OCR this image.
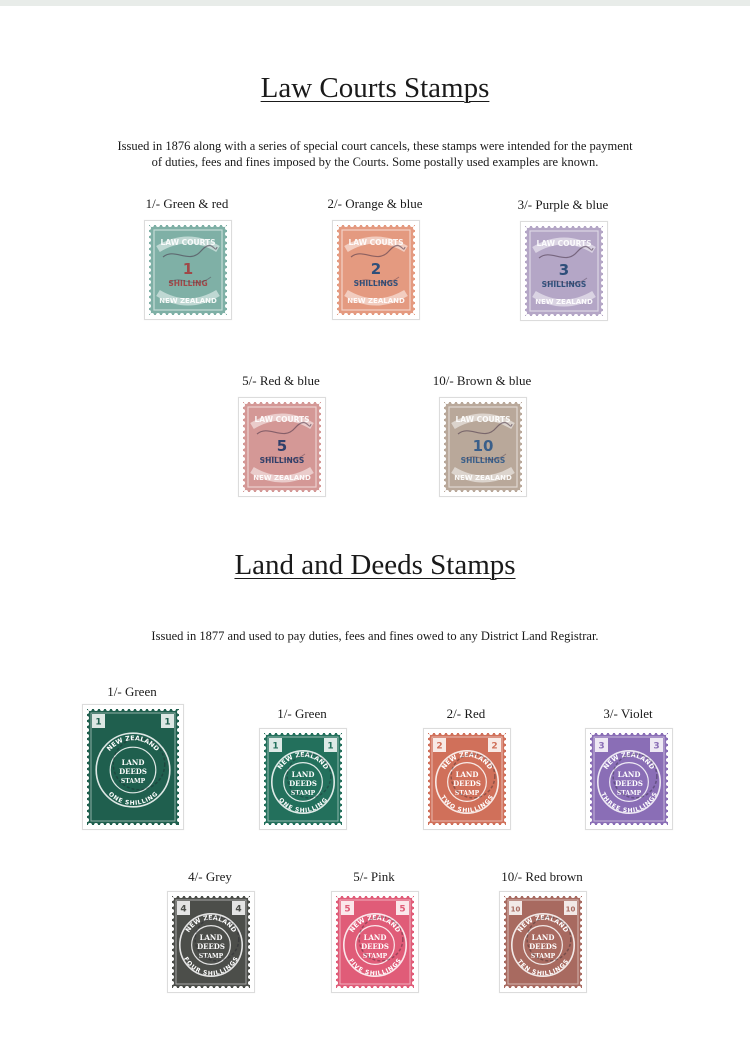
Law Courts Stamps

Issued in 1876 along with a series of special court cancels, these stamps were intended for the payment
of duties, fees and fines imposed by the Courts. Some postally used examples are known.

1/- Green & red
LAW COURTS
NEW ZEALAND
1
SHILLING
2/- Orange & blue
LAW COURTS
NEW ZEALAND
2
SHILLINGS
3/- Purple & blue
LAW COURTS
NEW ZEALAND
3
SHILLINGS
5/- Red & blue
LAW COURTS
NEW ZEALAND
5
SHILLINGS
10/- Brown & blue
LAW COURTS
NEW ZEALAND
10
SHILLINGS
Land and Deeds Stamps

Issued in 1877 and used to pay duties, fees and fines owed to any District Land Registrar.

1/- Green
NEW ZEALAND
ONE SHILLING
LAND
DEEDS
STAMP
1	1
1/- Green
NEW ZEALAND
ONE SHILLING
LAND
DEEDS
STAMP
1	1
2/- Red
NEW ZEALAND
TWO SHILLINGS
LAND
DEEDS
STAMP
2	2
3/- Violet
NEW ZEALAND
THREE SHILLINGS
LAND
DEEDS
STAMP
3	3
4/- Grey
NEW ZEALAND
FOUR SHILLINGS
LAND
DEEDS
STAMP
4	4
5/- Pink
NEW ZEALAND
FIVE SHILLINGS
LAND
DEEDS
STAMP
5	5
10/- Red brown
NEW ZEALAND
TEN SHILLINGS
LAND
DEEDS
STAMP
10	10
